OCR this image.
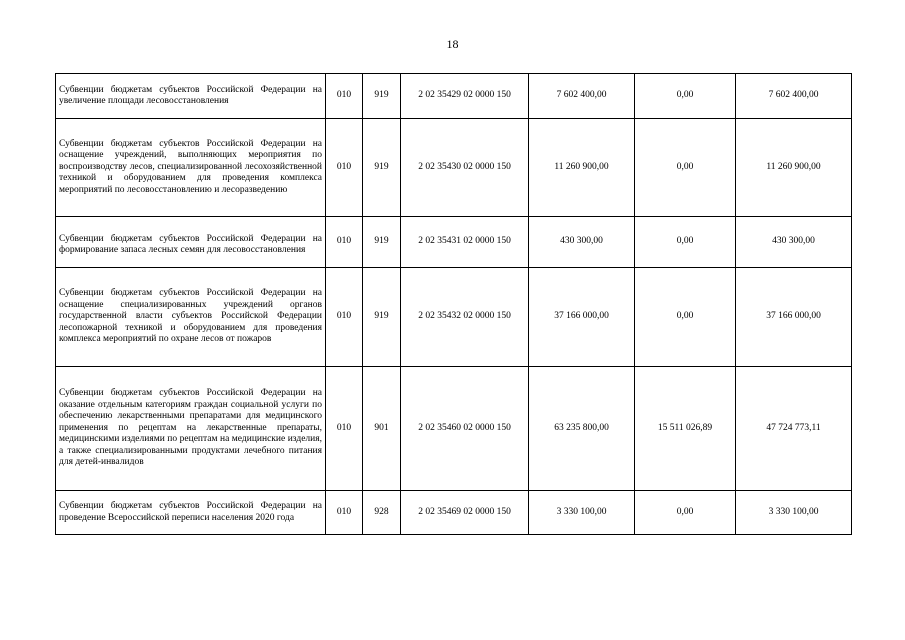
18
Субвенции бюджетам субъектов Российской Федерации на увеличение площади лесовосстановления	010	919	2 02 35429 02 0000 150	7 602 400,00	0,00	7 602 400,00
Субвенции бюджетам субъектов Российской Федерации на оснащение учреждений, выполняющих мероприятия по воспроизводству лесов, специализированной лесохозяйственной техникой и оборудованием для проведения комплекса мероприятий по лесовосстановлению и лесоразведению	010	919	2 02 35430 02 0000 150	11 260 900,00	0,00	11 260 900,00
Субвенции бюджетам субъектов Российской Федерации на формирование запаса лесных семян для лесовосстановления	010	919	2 02 35431 02 0000 150	430 300,00	0,00	430 300,00
Субвенции бюджетам субъектов Российской Федерации на оснащение специализированных учреждений органов государственной власти субъектов Российской Федерации лесопожарной техникой и оборудованием для проведения комплекса мероприятий по охране лесов от пожаров	010	919	2 02 35432 02 0000 150	37 166 000,00	0,00	37 166 000,00
Субвенции бюджетам субъектов Российской Федерации на оказание отдельным категориям граждан социальной услуги по обеспечению лекарственными препаратами для медицинского применения по рецептам на лекарственные препараты, медицинскими изделиями по рецептам на медицинские изделия, а также специализированными продуктами лечебного питания для детей-инвалидов	010	901	2 02 35460 02 0000 150	63 235 800,00	15 511 026,89	47 724 773,11
Субвенции бюджетам субъектов Российской Федерации на проведение Всероссийской переписи населения 2020 года	010	928	2 02 35469 02 0000 150	3 330 100,00	0,00	3 330 100,00
